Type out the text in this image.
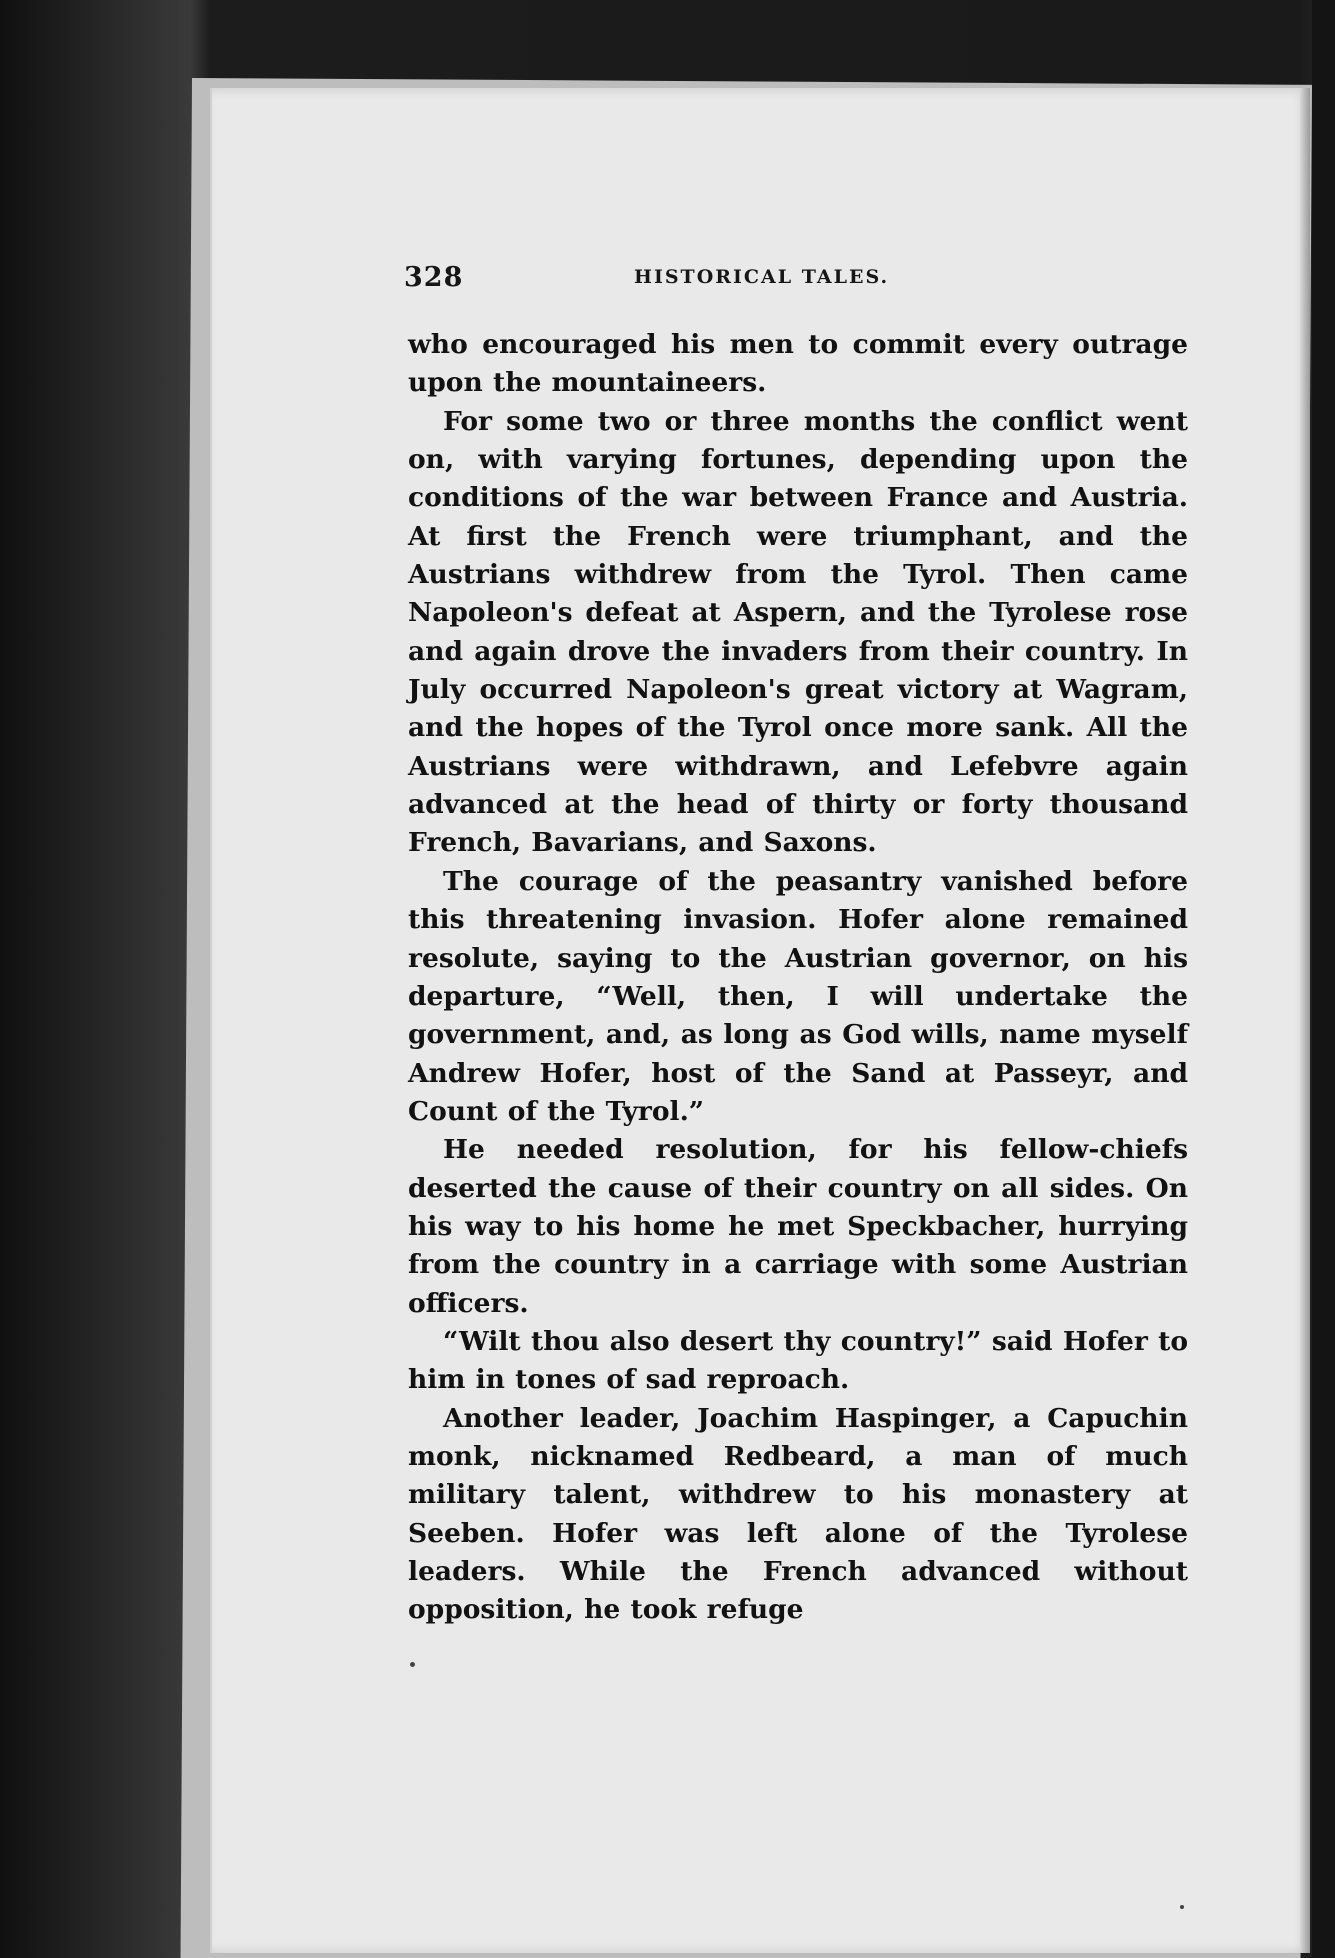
328	HISTORICAL TALES.

who encouraged his men to commit every outrage upon the mountaineers.

For some two or three months the conflict went on, with varying fortunes, depending upon the conditions of the war between France and Austria. At first the French were triumphant, and the Austrians withdrew from the Tyrol. Then came Napoleon's defeat at Aspern, and the Tyrolese rose and again drove the invaders from their country. In July occurred Napoleon's great victory at Wagram, and the hopes of the Tyrol once more sank. All the Austrians were withdrawn, and Lefebvre again advanced at the head of thirty or forty thousand French, Bavarians, and Saxons.

The courage of the peasantry vanished before this threatening invasion. Hofer alone remained resolute, saying to the Austrian governor, on his departure, “Well, then, I will undertake the government, and, as long as God wills, name myself Andrew Hofer, host of the Sand at Passeyr, and Count of the Tyrol.”

He needed resolution, for his fellow-chiefs deserted the cause of their country on all sides. On his way to his home he met Speckbacher, hurrying from the country in a carriage with some Austrian officers.

“Wilt thou also desert thy country!” said Hofer to him in tones of sad reproach.

Another leader, Joachim Haspinger, a Capuchin monk, nicknamed Redbeard, a man of much military talent, withdrew to his monastery at Seeben. Hofer was left alone of the Tyrolese leaders. While the French advanced without opposition, he took refuge
